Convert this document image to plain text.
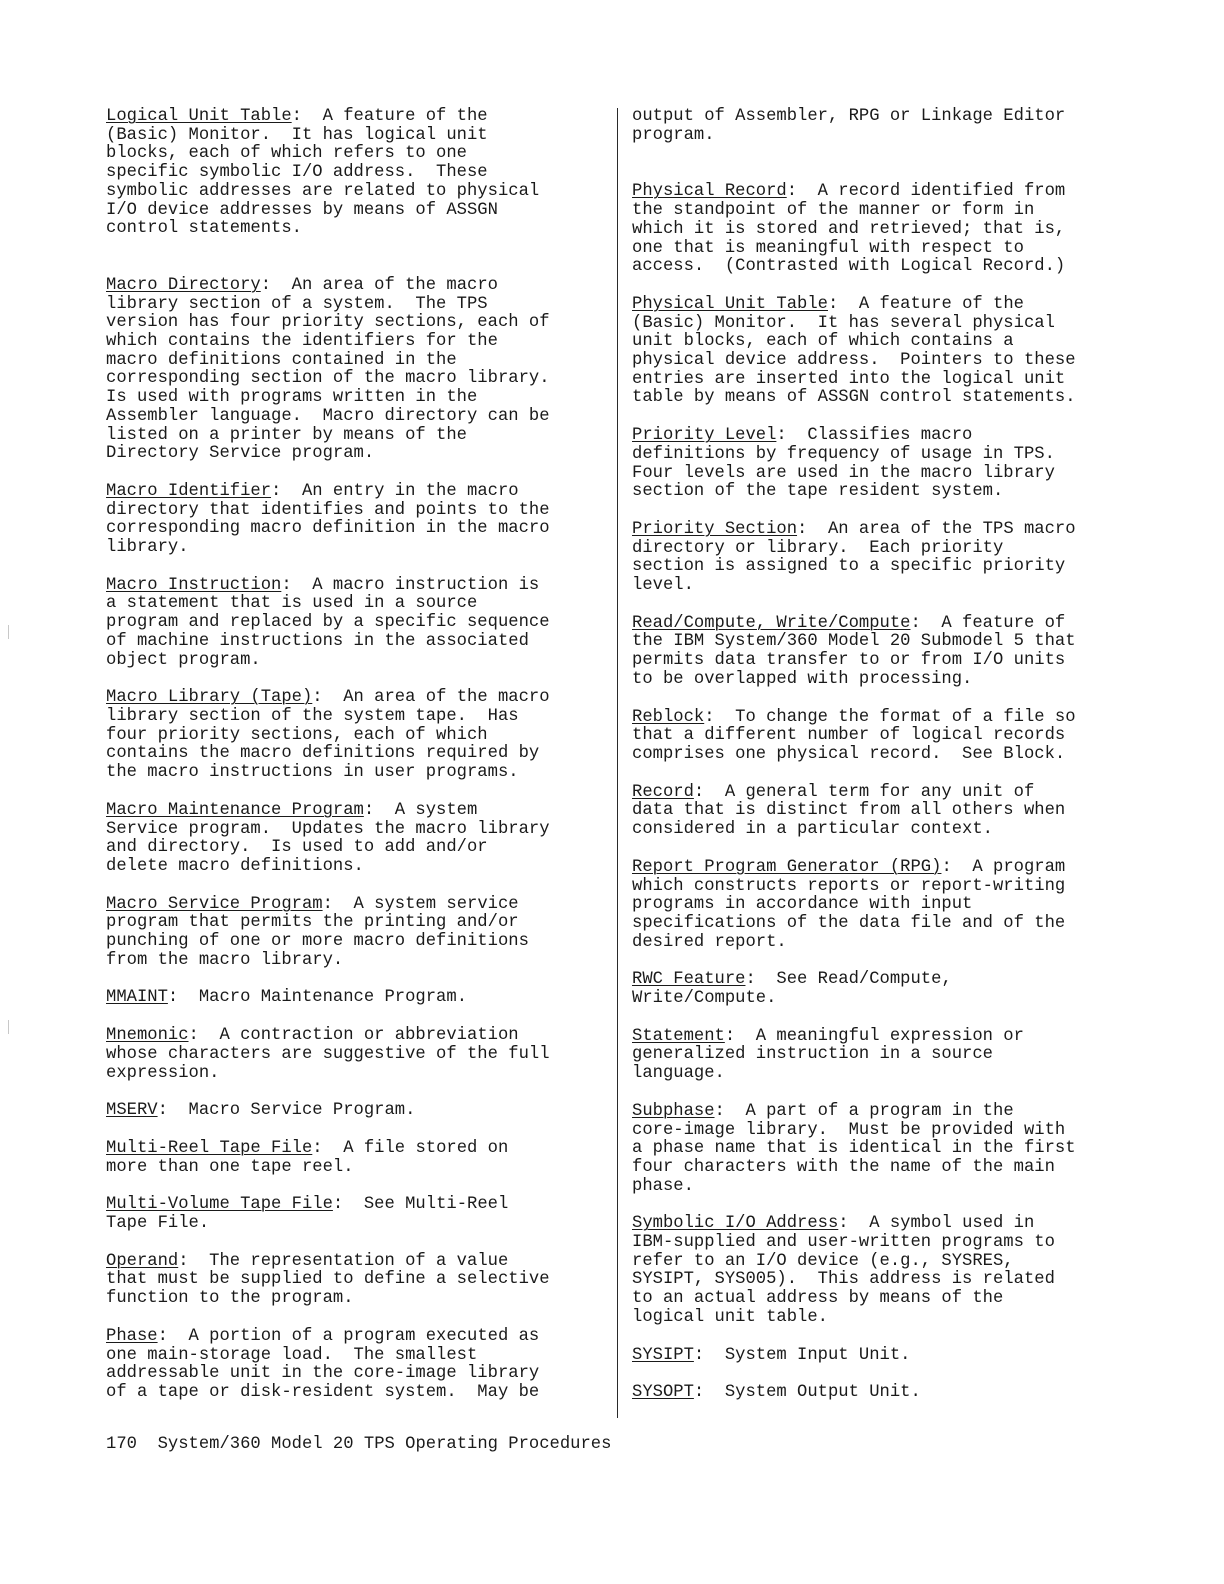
Logical Unit Table:  A feature of the
(Basic) Monitor.  It has logical unit
blocks, each of which refers to one
specific symbolic I/O address.  These
symbolic addresses are related to physical
I/O device addresses by means of ASSGN
control statements.

Macro Directory:  An area of the macro
library section of a system.  The TPS
version has four priority sections, each of
which contains the identifiers for the
macro definitions contained in the
corresponding section of the macro library.
Is used with programs written in the
Assembler language.  Macro directory can be
listed on a printer by means of the
Directory Service program.

Macro Identifier:  An entry in the macro
directory that identifies and points to the
corresponding macro definition in the macro
library.

Macro Instruction:  A macro instruction is
a statement that is used in a source
program and replaced by a specific sequence
of machine instructions in the associated
object program.

Macro Library (Tape):  An area of the macro
library section of the system tape.  Has
four priority sections, each of which
contains the macro definitions required by
the macro instructions in user programs.

Macro Maintenance Program:  A system
Service program.  Updates the macro library
and directory.  Is used to add and/or
delete macro definitions.

Macro Service Program:  A system service
program that permits the printing and/or
punching of one or more macro definitions
from the macro library.

MMAINT:  Macro Maintenance Program.

Mnemonic:  A contraction or abbreviation
whose characters are suggestive of the full
expression.

MSERV:  Macro Service Program.

Multi-Reel Tape File:  A file stored on
more than one tape reel.

Multi-Volume Tape File:  See Multi-Reel
Tape File.

Operand:  The representation of a value
that must be supplied to define a selective
function to the program.

Phase:  A portion of a program executed as
one main-storage load.  The smallest
addressable unit in the core-image library
of a tape or disk-resident system.  May be

output of Assembler, RPG or Linkage Editor
program.

Physical Record:  A record identified from
the standpoint of the manner or form in
which it is stored and retrieved; that is,
one that is meaningful with respect to
access.  (Contrasted with Logical Record.)

Physical Unit Table:  A feature of the
(Basic) Monitor.  It has several physical
unit blocks, each of which contains a
physical device address.  Pointers to these
entries are inserted into the logical unit
table by means of ASSGN control statements.

Priority Level:  Classifies macro
definitions by frequency of usage in TPS.
Four levels are used in the macro library
section of the tape resident system.

Priority Section:  An area of the TPS macro
directory or library.  Each priority
section is assigned to a specific priority
level.

Read/Compute, Write/Compute:  A feature of
the IBM System/360 Model 20 Submodel 5 that
permits data transfer to or from I/O units
to be overlapped with processing.

Reblock:  To change the format of a file so
that a different number of logical records
comprises one physical record.  See Block.

Record:  A general term for any unit of
data that is distinct from all others when
considered in a particular context.

Report Program Generator (RPG):  A program
which constructs reports or report-writing
programs in accordance with input
specifications of the data file and of the
desired report.

RWC Feature:  See Read/Compute,
Write/Compute.

Statement:  A meaningful expression or
generalized instruction in a source
language.

Subphase:  A part of a program in the
core-image library.  Must be provided with
a phase name that is identical in the first
four characters with the name of the main
phase.

Symbolic I/O Address:  A symbol used in
IBM-supplied and user-written programs to
refer to an I/O device (e.g., SYSRES,
SYSIPT, SYS005).  This address is related
to an actual address by means of the
logical unit table.

SYSIPT:  System Input Unit.

SYSOPT:  System Output Unit.

170 System/360 Model 20 TPS Operating Procedures
